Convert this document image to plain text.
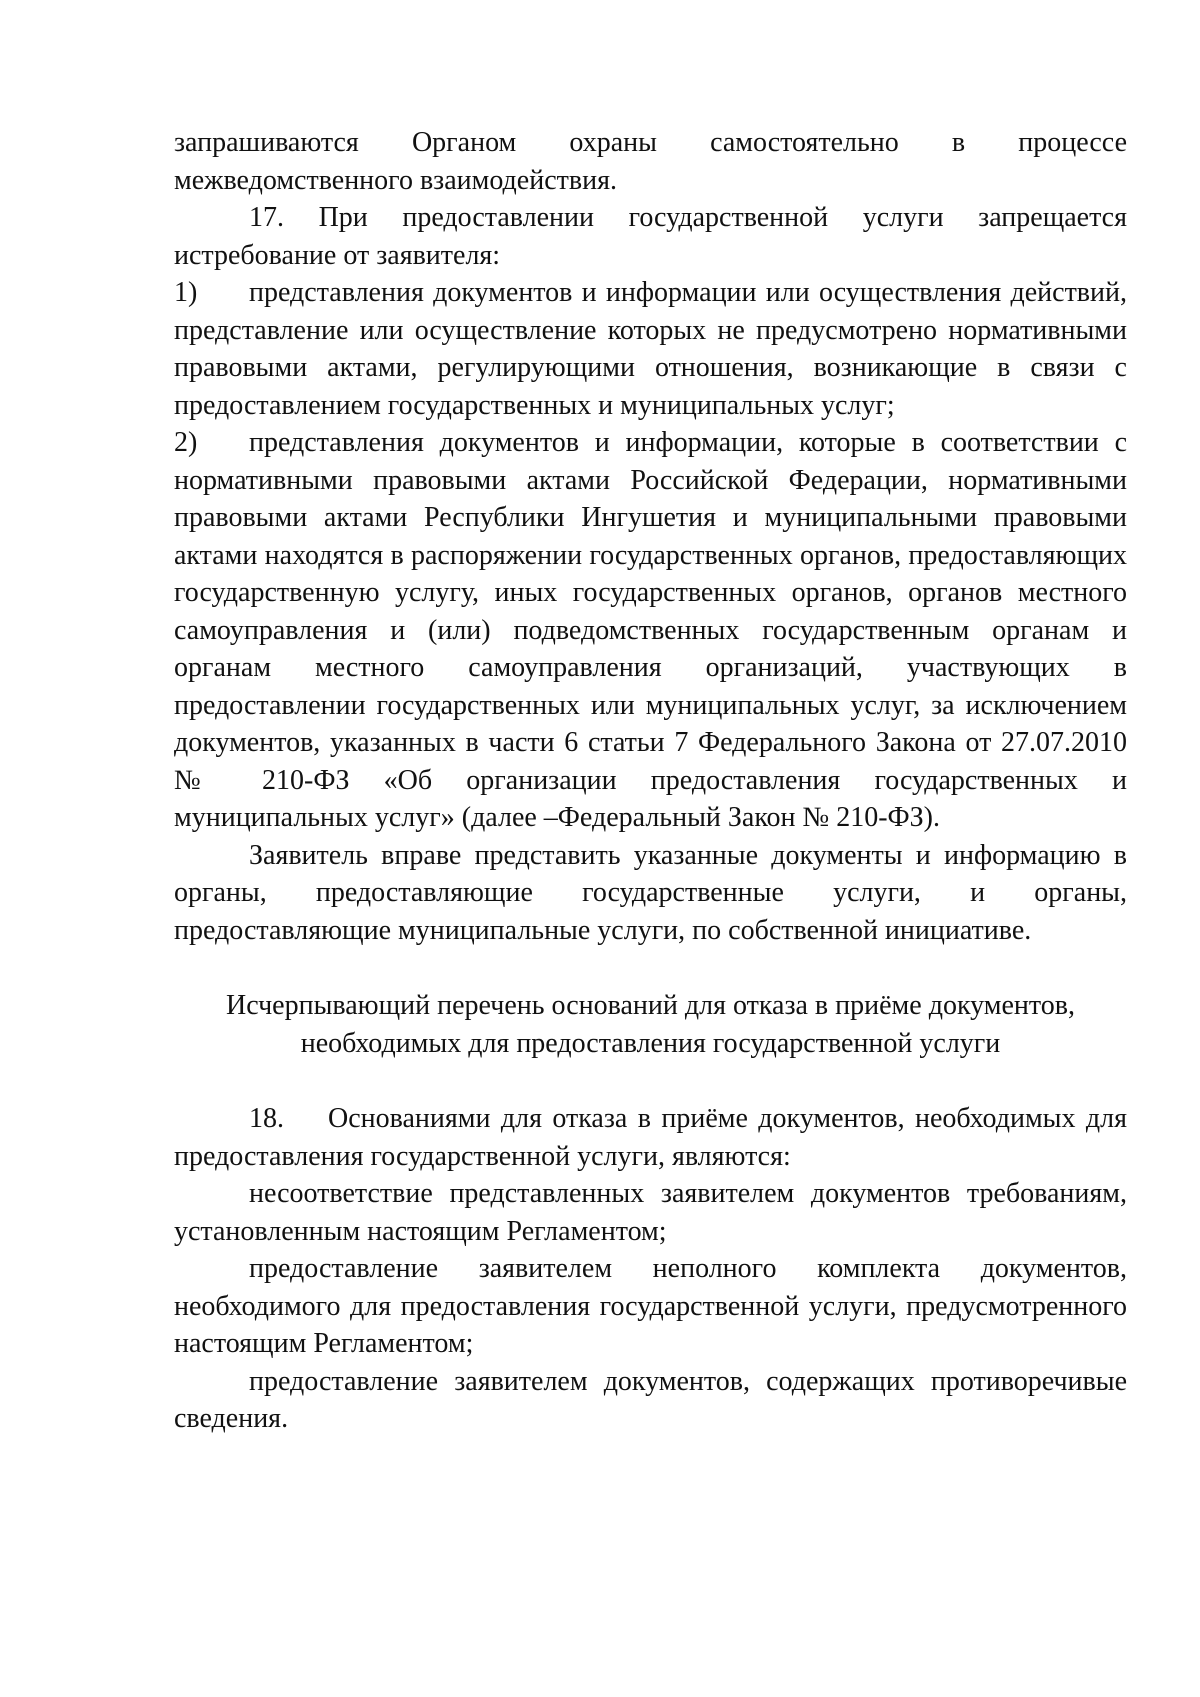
запрашиваются Органом охраны самостоятельно в процессе межведомственного взаимодействия.

17. При предоставлении государственной услуги запрещается истребование от заявителя:

1) представления документов и информации или осуществления действий, представление или осуществление которых не предусмотрено нормативными правовыми актами, регулирующими отношения, возникающие в связи с предоставлением государственных и муниципальных услуг;

2) представления документов и информации, которые в соответствии с нормативными правовыми актами Российской Федерации, нормативными правовыми актами Республики Ингушетия и муниципальными правовыми актами находятся в распоряжении государственных органов, предоставляющих государственную услугу, иных государственных органов, органов местного самоуправления и (или) подведомственных государственным органам и органам местного самоуправления организаций, участвующих в предоставлении государственных или муниципальных услуг, за исключением документов, указанных в части 6 статьи 7 Федерального Закона от 27.07.2010 № 210-ФЗ «Об организации предоставления государственных и муниципальных услуг» (далее –Федеральный Закон № 210-ФЗ).

Заявитель вправе представить указанные документы и информацию в органы, предоставляющие государственные услуги, и органы, предоставляющие муниципальные услуги, по собственной инициативе.

Исчерпывающий перечень оснований для отказа в приёме документов,

необходимых для предоставления государственной услуги

18. Основаниями для отказа в приёме документов, необходимых для предоставления государственной услуги, являются:

несоответствие представленных заявителем документов требованиям, установленным настоящим Регламентом;

предоставление заявителем неполного комплекта документов, необходимого для предоставления государственной услуги, предусмотренного настоящим Регламентом;

предоставление заявителем документов, содержащих противоречивые сведения.
